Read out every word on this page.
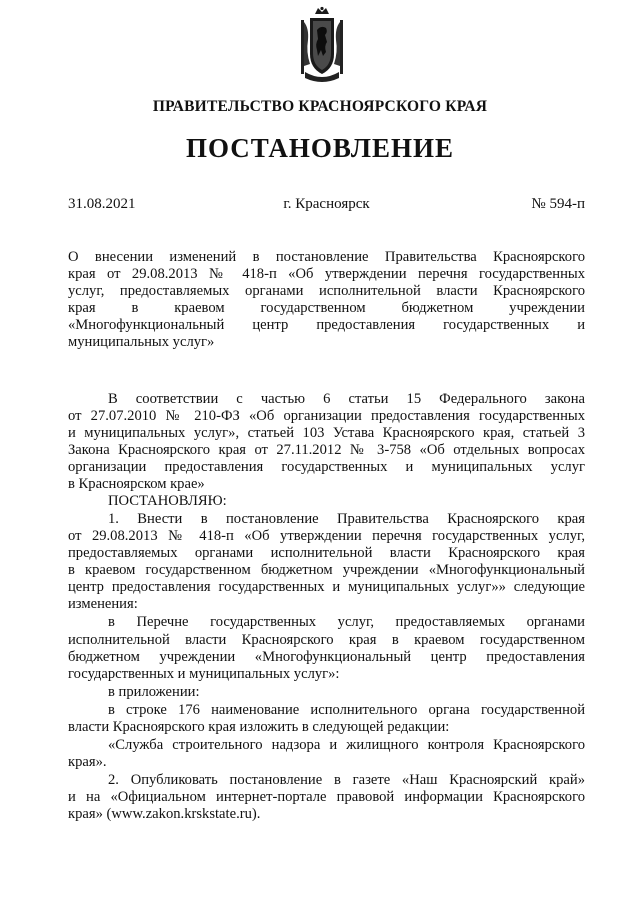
ПРАВИТЕЛЬСТВО КРАСНОЯРСКОГО КРАЯ
ПОСТАНОВЛЕНИЕ
31.08.2021	г. Красноярск	№ 594-п
О внесении изменений в постановление Правительства Красноярского
края от 29.08.2013 № 418-п «Об утверждении перечня государственных
услуг, предоставляемых органами исполнительной власти Красноярского
края в краевом государственном бюджетном учреждении
«Многофункциональный центр предоставления государственных и
муниципальных услуг»
В соответствии с частью 6 статьи 15 Федерального закона
от 27.07.2010 № 210-ФЗ «Об организации предоставления государственных
и муниципальных услуг», статьей 103 Устава Красноярского края, статьей 3
Закона Красноярского края от 27.11.2012 № 3-758 «Об отдельных вопросах
организации предоставления государственных и муниципальных услуг
в Красноярском крае»
ПОСТАНОВЛЯЮ:
1. Внести в постановление Правительства Красноярского края
от 29.08.2013 № 418-п «Об утверждении перечня государственных услуг,
предоставляемых органами исполнительной власти Красноярского края
в краевом государственном бюджетном учреждении «Многофункциональный
центр предоставления государственных и муниципальных услуг»» следующие
изменения:
в Перечне государственных услуг, предоставляемых органами
исполнительной власти Красноярского края в краевом государственном
бюджетном учреждении «Многофункциональный центр предоставления
государственных и муниципальных услуг»:
в приложении:
в строке 176 наименование исполнительного органа государственной
власти Красноярского края изложить в следующей редакции:
«Служба строительного надзора и жилищного контроля Красноярского
края».
2. Опубликовать постановление в газете «Наш Красноярский край»
и на «Официальном интернет-портале правовой информации Красноярского
края» (www.zakon.krskstate.ru).
